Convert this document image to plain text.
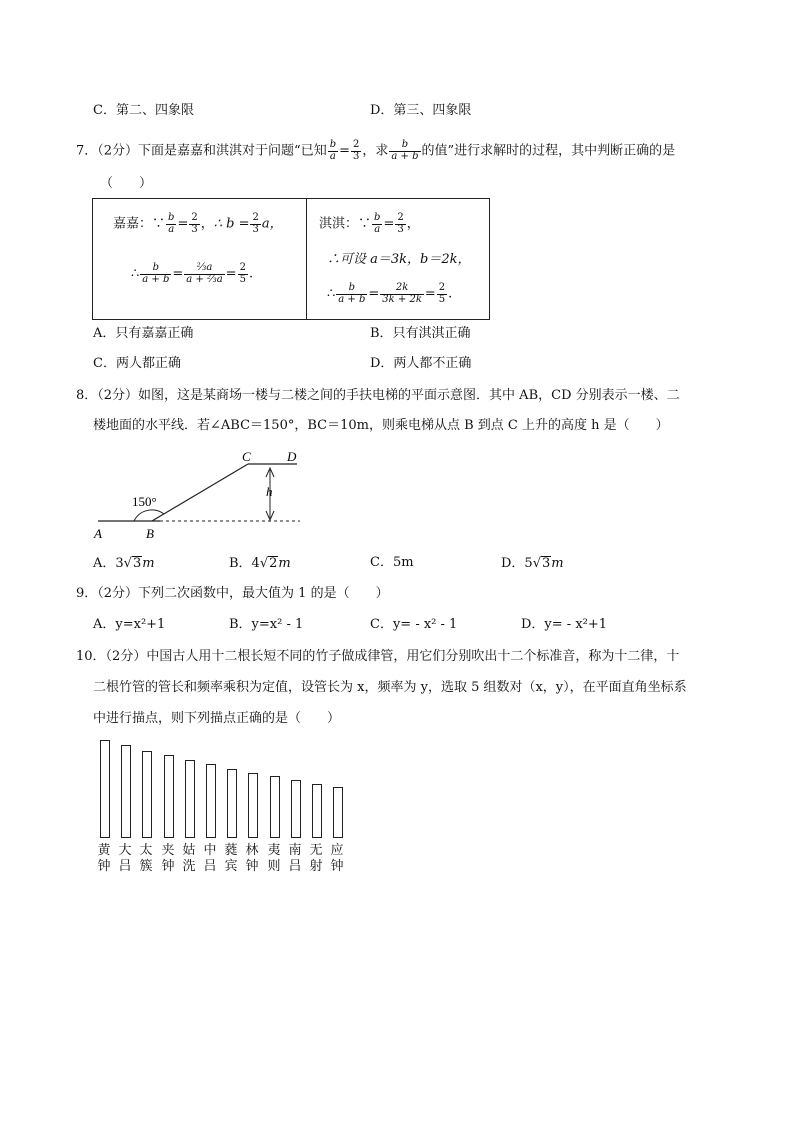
C．第二、四象限	D．第三、四象限
7．（2分）下面是嘉嘉和淇淇对于问题“已知 $\frac{b}{a} = \frac{2}{3}$ ，求 $\frac{b}{a + b}$ 的值”进行求解时的过程，其中判断正确的是
（　　）
嘉嘉：∵ $\frac{b}{a} = \frac{2}{3}$ ，∴ $b = \frac{2}{3}$ a，
∴ $\frac{b}{a + b} = \frac{\text{⅔a}}{\text{a + ⅔a}} = \frac{2}{5}$ .
淇淇：∵ $\frac{b}{a} = \frac{2}{3}$ ，
∴可设 a＝3k，b＝2k，
∴ $\frac{b}{a + b} = \frac{2k}{3k + 2k} = \frac{2}{5}$ .
A．只有嘉嘉正确	B．只有淇淇正确
C．两人都正确	D．两人都不正确
8．（2分）如图，这是某商场一楼与二楼之间的手扶电梯的平面示意图．其中 AB，CD 分别表示一楼、二
楼地面的水平线．若∠ABC＝150°，BC＝10m，则乘电梯从点 B 到点 C 上升的高度 h 是（　　）
A	B
C	D
h
150°
A．3√3m	B．4√2m	C．5m	D．5√3m
9．（2分）下列二次函数中，最大值为 1 的是（　　）
A．y=x²+1	B．y=x² - 1	C．y= - x² - 1	D．y= - x²+1
10．（2分）中国古人用十二根长短不同的竹子做成律管，用它们分别吹出十二个标准音，称为十二律，十
二根竹管的管长和频率乘积为定值，设管长为 x，频率为 y，选取 5 组数对（x，y），在平面直角坐标系
中进行描点，则下列描点正确的是（　　）
黄
钟
大
吕
太
簇
夹
钟
姑
洗
中
吕
蕤
宾
林
钟
夷
则
南
吕
无
射
应
钟
